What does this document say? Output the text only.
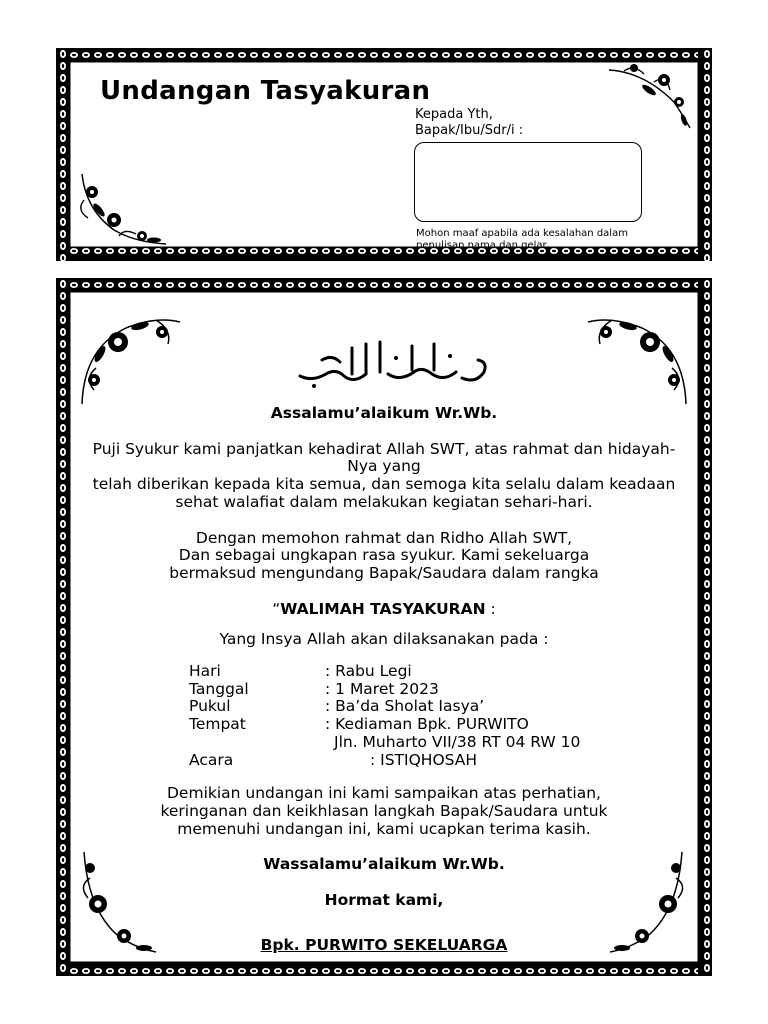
Undangan Tasyakuran
Kepada Yth,
Bapak/Ibu/Sdr/i :
Mohon maaf apabila ada kesalahan dalam penulisan nama dan gelar
Assalamu’alaikum Wr.Wb.
Puji Syukur kami panjatkan kehadirat Allah SWT, atas rahmat dan hidayah-
Nya yang
telah diberikan kepada kita semua, dan semoga kita selalu dalam keadaan
sehat walafiat dalam melakukan kegiatan sehari-hari.
Dengan memohon rahmat dan Ridho Allah SWT,
Dan sebagai ungkapan rasa syukur. Kami sekeluarga
bermaksud mengundang Bapak/Saudara dalam rangka
“WALIMAH TASYAKURAN :
Yang Insya Allah akan dilaksanakan pada :
Hari	: Rabu Legi
Tanggal	: 1 Maret 2023
Pukul	: Ba’da Sholat Iasya’
Tempat	: Kediaman Bpk. PURWITO
Jln. Muharto VII/38 RT 04 RW 10
Acara	: ISTIQHOSAH
Demikian undangan ini kami sampaikan atas perhatian,
keringanan dan keikhlasan langkah Bapak/Saudara untuk
memenuhi undangan ini, kami ucapkan terima kasih.
Wassalamu’alaikum Wr.Wb.
Hormat kami,
Bpk. PURWITO SEKELUARGA
